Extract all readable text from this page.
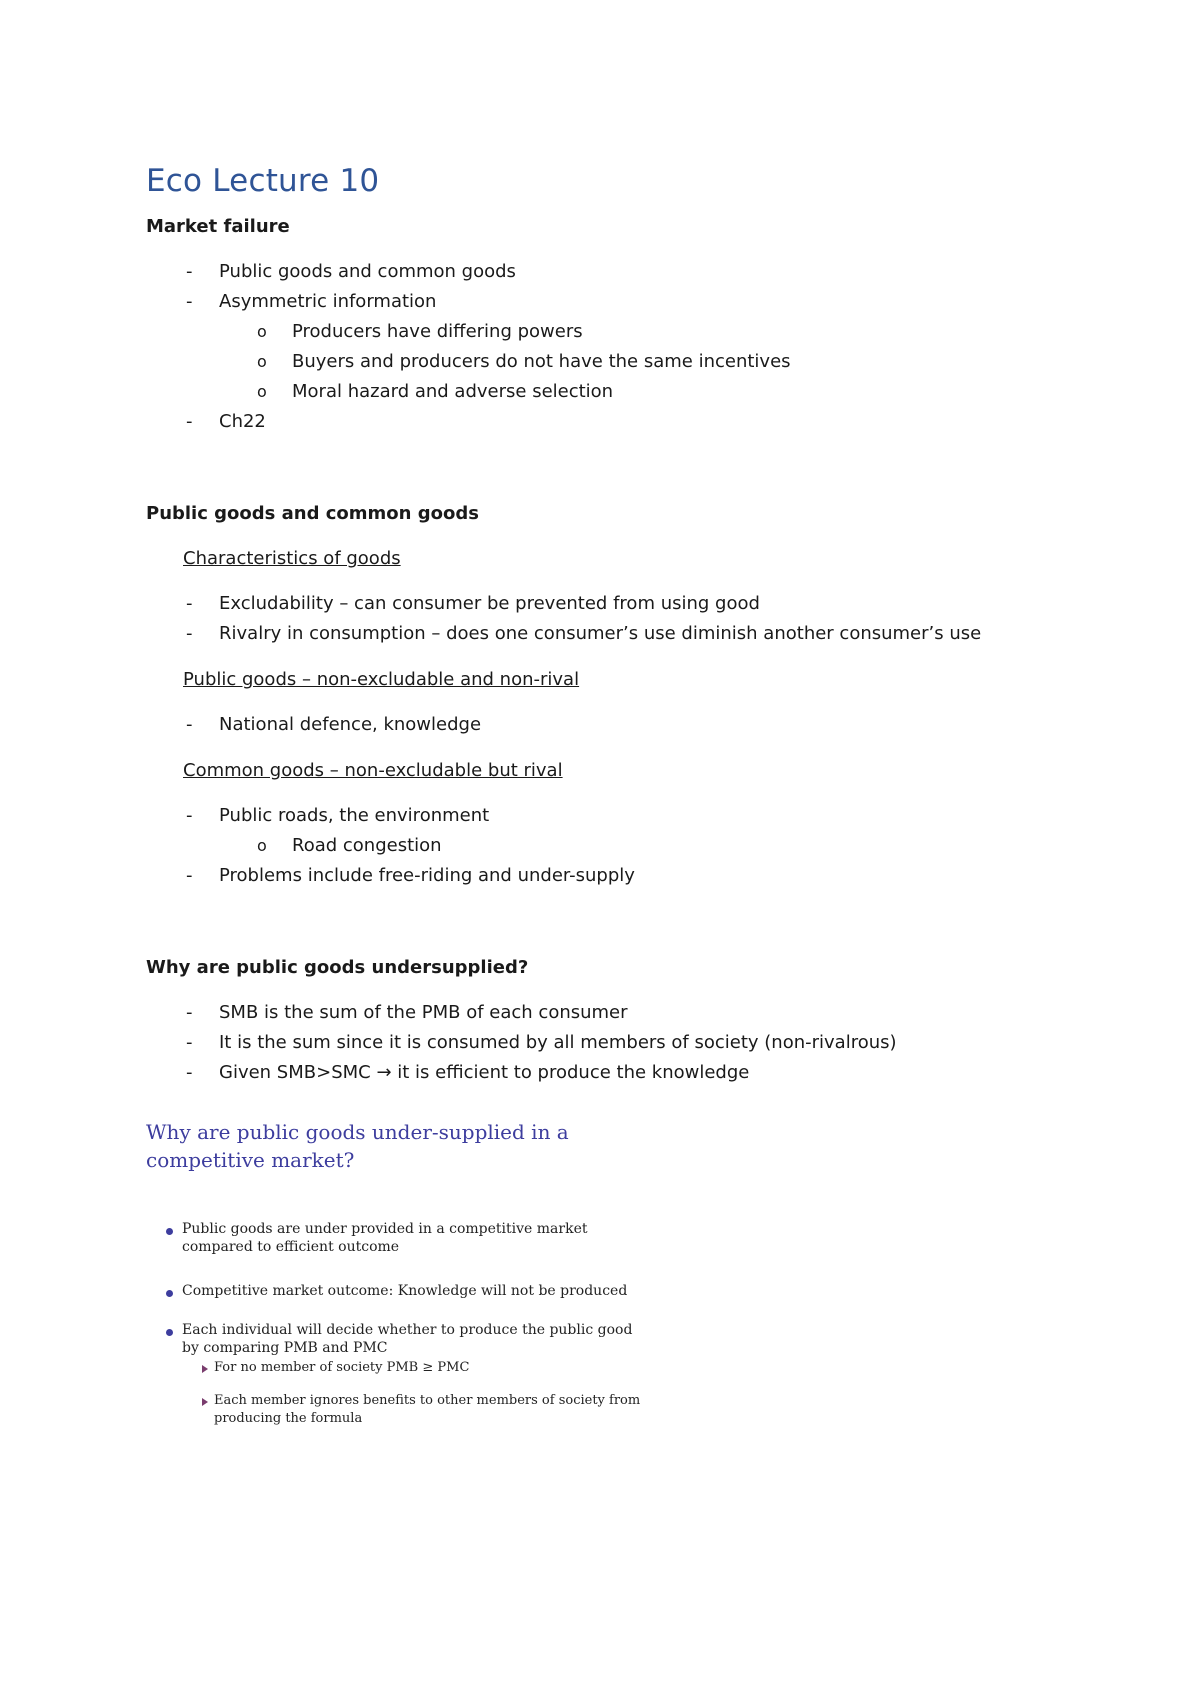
Eco Lecture 10
Market failure
- Public goods and common goods
- Asymmetric information
o Producers have differing powers
o Buyers and producers do not have the same incentives
o Moral hazard and adverse selection
- Ch22
Public goods and common goods
Characteristics of goods
- Excludability – can consumer be prevented from using good
- Rivalry in consumption – does one consumer’s use diminish another consumer’s use
Public goods – non-excludable and non-rival
- National defence, knowledge
Common goods – non-excludable but rival
- Public roads, the environment
o Road congestion
- Problems include free-riding and under-supply
Why are public goods undersupplied?
- SMB is the sum of the PMB of each consumer
- It is the sum since it is consumed by all members of society (non-rivalrous)
- Given SMB>SMC → it is efficient to produce the knowledge
Why are public goods under-supplied in a
competitive market?
Public goods are under provided in a competitive market
compared to efficient outcome
Competitive market outcome: Knowledge will not be produced
Each individual will decide whether to produce the public good
by comparing PMB and PMC
For no member of society PMB ≥ PMC
Each member ignores benefits to other members of society from
producing the formula
